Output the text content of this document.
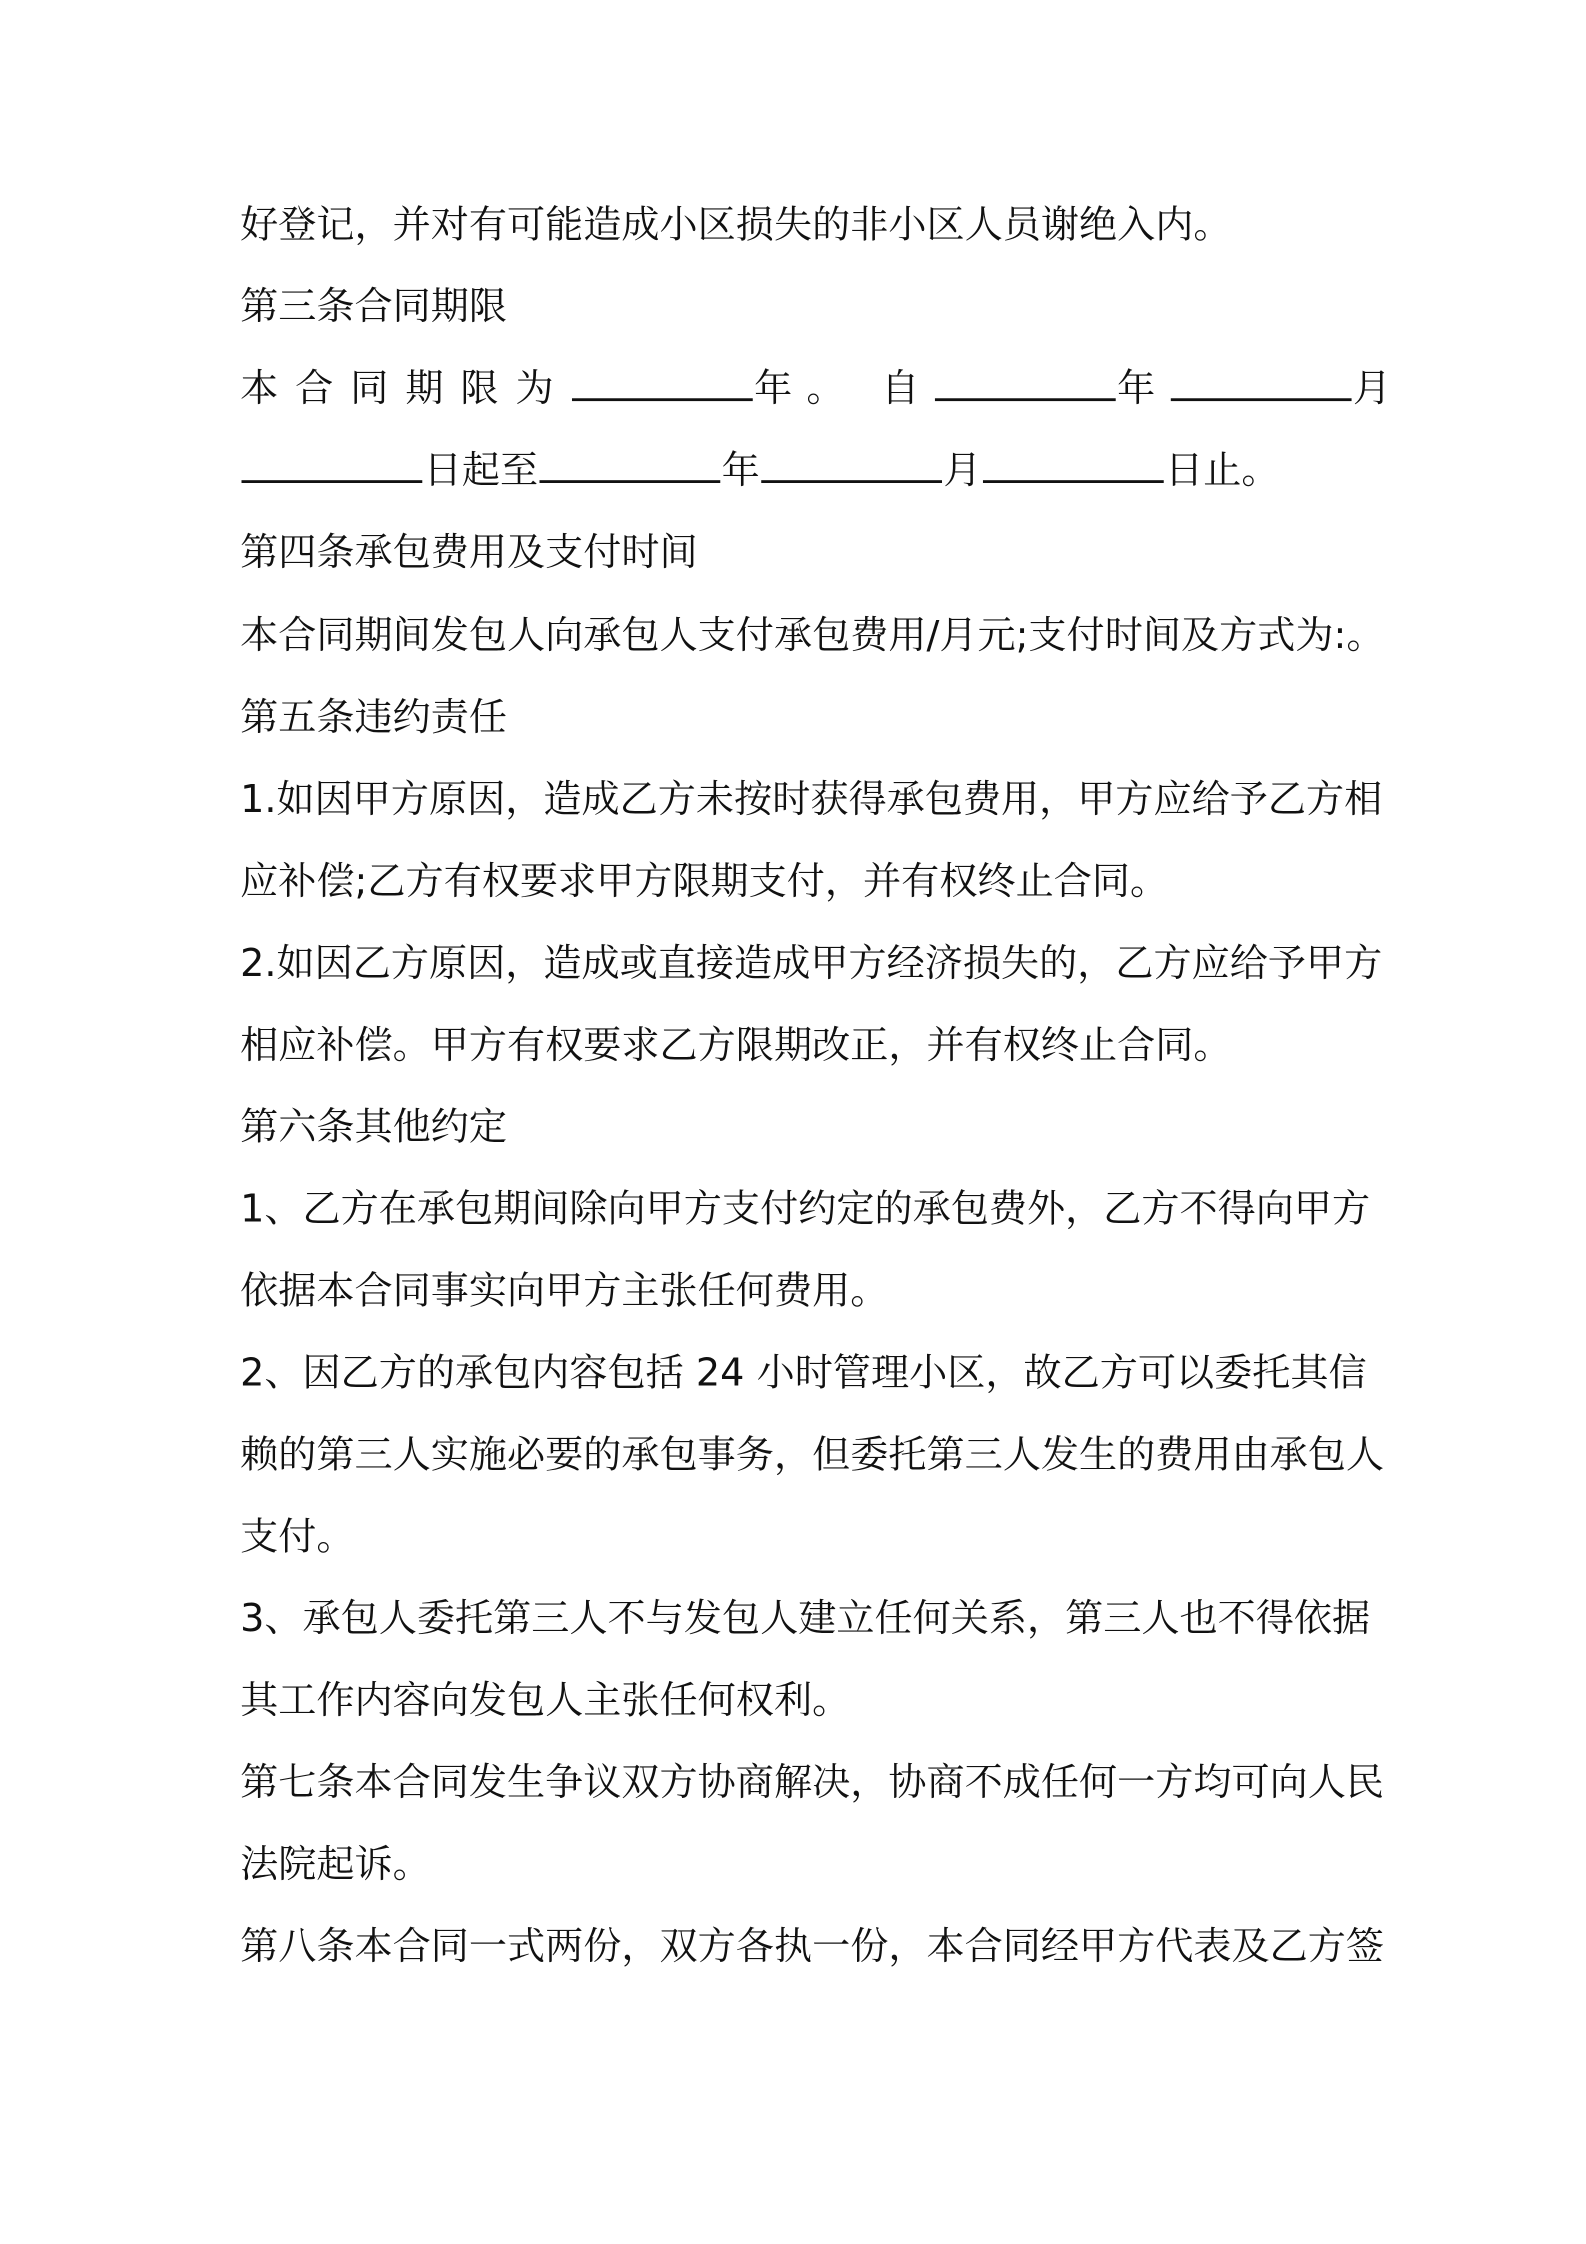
好登记，并对有可能造成小区损失的非小区人员谢绝入内。
第三条合同期限
本合同期限为	年 。 自	年	月
日起至	年	月	日止。
第四条承包费用及支付时间
本合同期间发包人向承包人支付承包费用/月元;支付时间及方式为:。
第五条违约责任
1.如因甲方原因，造成乙方未按时获得承包费用，甲方应给予乙方相
应补偿;乙方有权要求甲方限期支付，并有权终止合同。
2.如因乙方原因，造成或直接造成甲方经济损失的，乙方应给予甲方
相应补偿。甲方有权要求乙方限期改正，并有权终止合同。
第六条其他约定
1、乙方在承包期间除向甲方支付约定的承包费外，乙方不得向甲方
依据本合同事实向甲方主张任何费用。
2、因乙方的承包内容包括 24 小时管理小区，故乙方可以委托其信
赖的第三人实施必要的承包事务，但委托第三人发生的费用由承包人
支付。
3、承包人委托第三人不与发包人建立任何关系，第三人也不得依据
其工作内容向发包人主张任何权利。
第七条本合同发生争议双方协商解决，协商不成任何一方均可向人民
法院起诉。
第八条本合同一式两份，双方各执一份，本合同经甲方代表及乙方签
